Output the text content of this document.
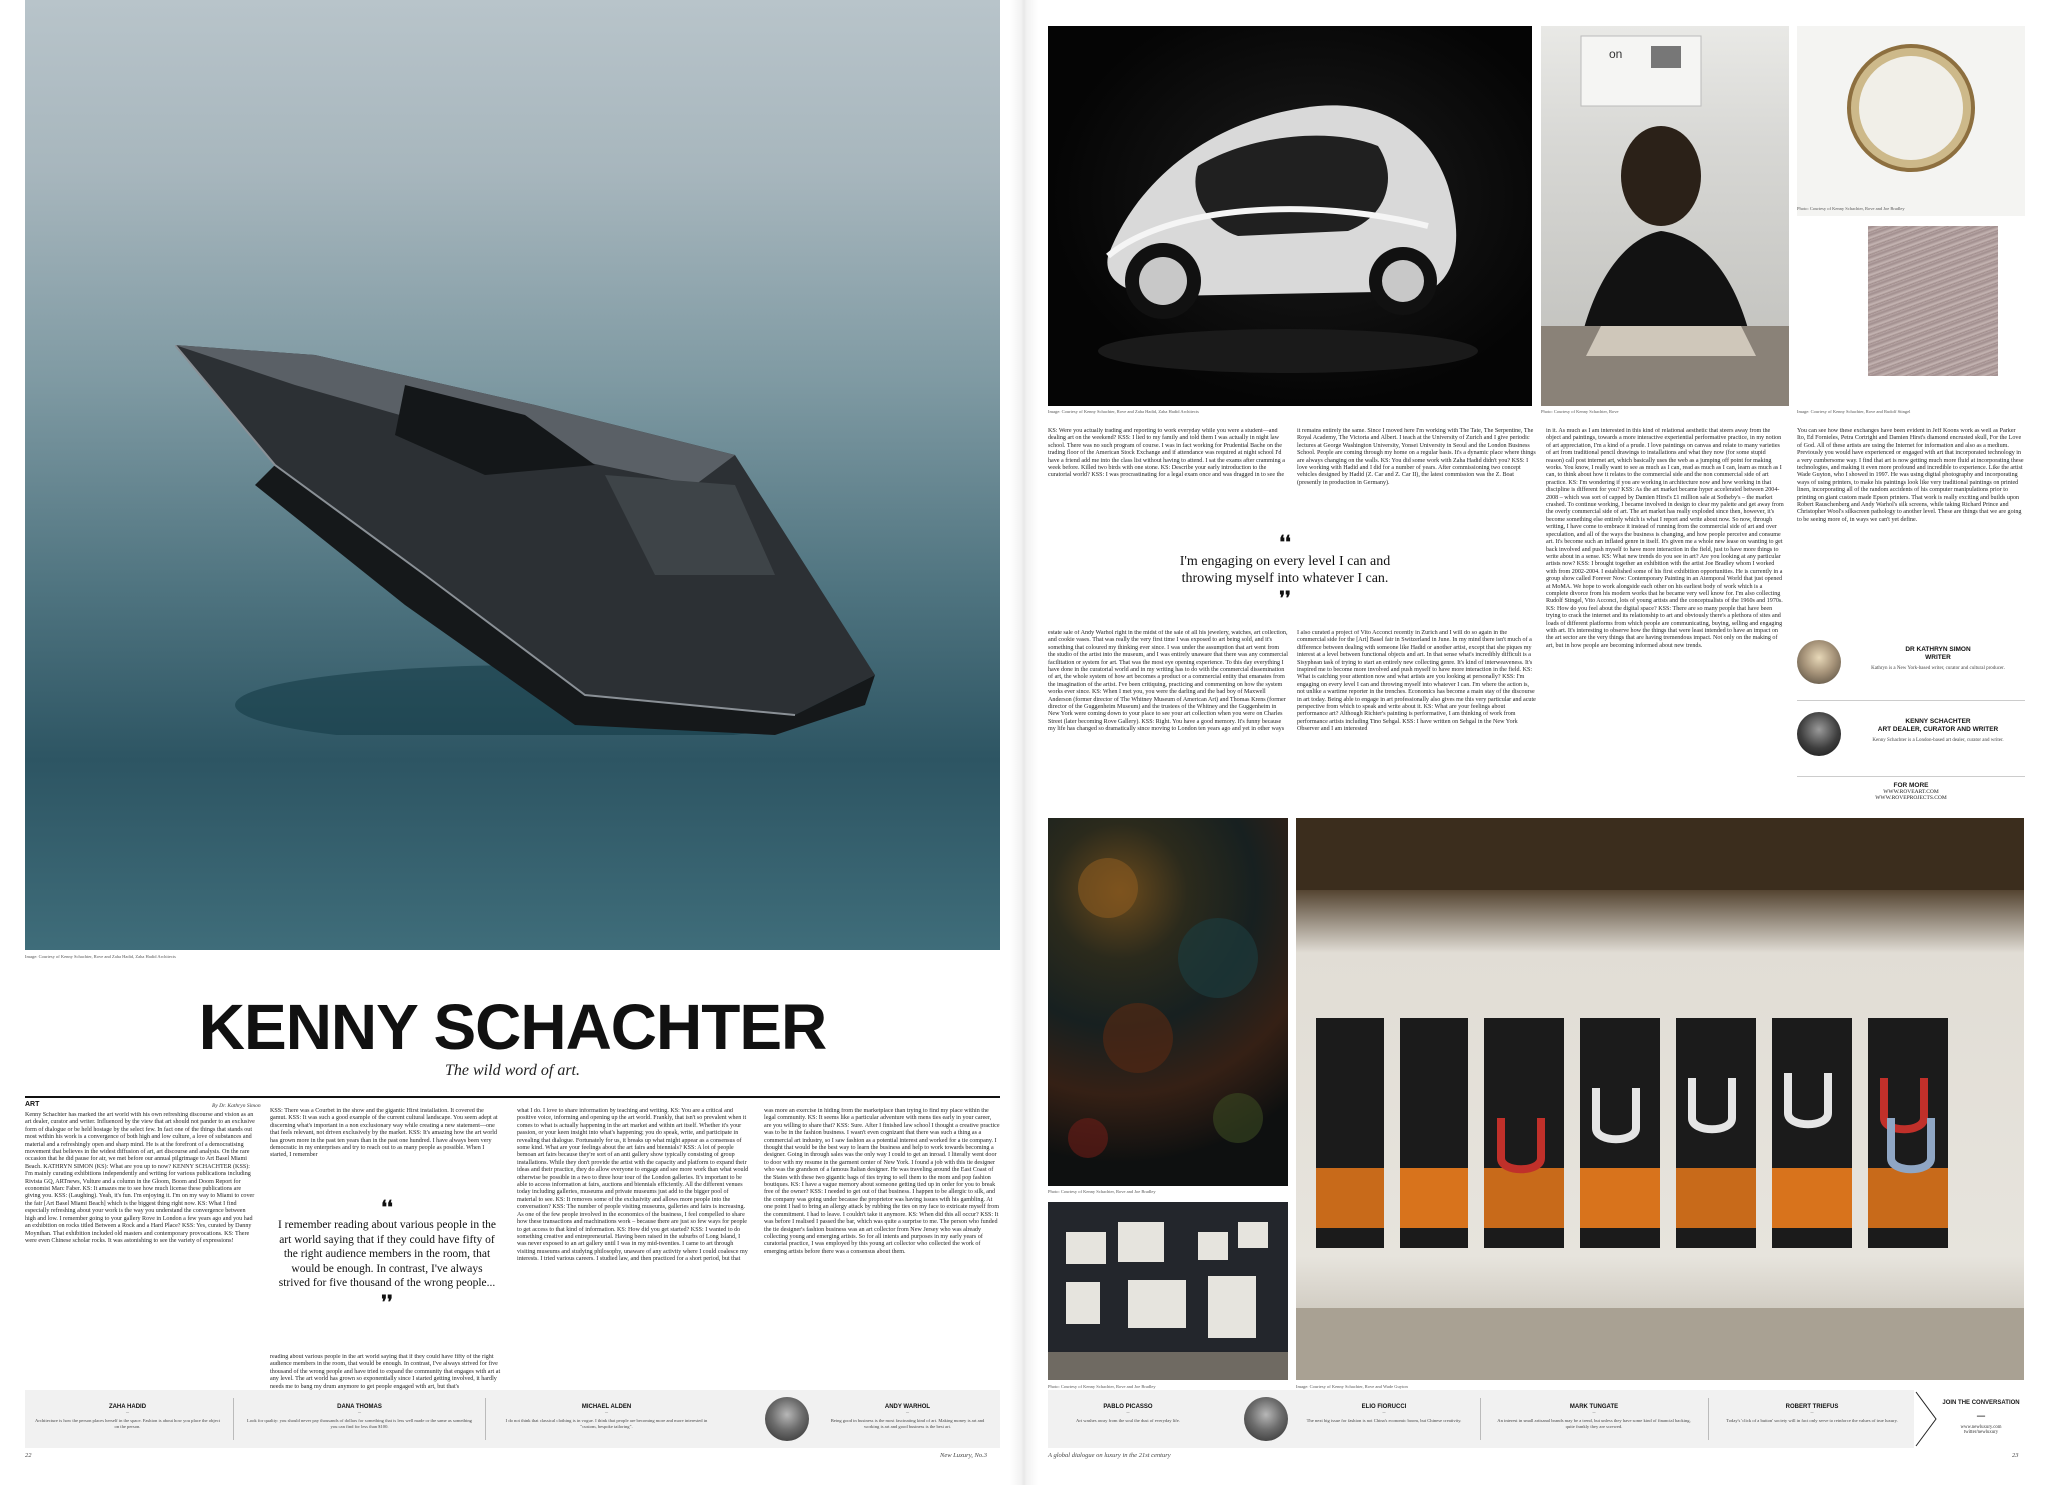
Image: Courtesy of Kenny Schachter, Rove and Zaha Hadid, Zaha Hadid Architects
KENNY SCHACHTER
The wild word of art.
ART	By Dr. Kathryn Simon
Kenny Schachter has marked the art world with his own refreshing discourse and vision as an art dealer, curator and writer. Influenced by the view that art should not pander to an exclusive form of dialogue or be held hostage by the select few. In fact one of the things that stands out most within his work is a convergence of both high and low culture, a love of substances and material and a refreshingly open and sharp mind. He is at the forefront of a democratising movement that believes in the widest diffusion of art, art discourse and analysis. On the rare occasion that he did pause for air, we met before our annual pilgrimage to Art Basel Miami Beach. KATHRYN SIMON (KS): What are you up to now? KENNY SCHACHTER (KSS): I'm mainly curating exhibitions independently and writing for various publications including Rivista GQ, ARTnews, Vulture and a column in the Gloom, Boom and Doom Report for economist Marc Faber. KS: It amazes me to see how much license these publications are giving you. KSS: (Laughing). Yeah, it's fun. I'm enjoying it. I'm on my way to Miami to cover the fair [Art Basel Miami Beach] which is the biggest thing right now. KS: What I find especially refreshing about your work is the way you understand the convergence between high and low. I remember going to your gallery Rove in London a few years ago and you had an exhibition on rocks titled Between a Rock and a Hard Place? KSS: Yes, curated by Danny Moynihan. That exhibition included old masters and contemporary provocations. KS: There were even Chinese scholar rocks. It was astonishing to see the variety of expressions!
KSS: There was a Courbet in the show and the gigantic Hirst installation. It covered the gamut. KSS: It was such a good example of the current cultural landscape. You seem adept at discerning what's important in a non exclusionary way while creating a new statement—one that feels relevant, not driven exclusively by the market. KSS: It's amazing how the art world has grown more in the past ten years than in the past one hundred. I have always been very democratic in my enterprises and try to reach out to as many people as possible. When I started, I remember
❛❛
I remember reading about various people in the art world saying that if they could have fifty of the right audience members in the room, that would be enough. In contrast, I've always strived for five thousand of the wrong people...
❜❜
reading about various people in the art world saying that if they could have fifty of the right audience members in the room, that would be enough. In contrast, I've always strived for five thousand of the wrong people and have tried to expand the community that engages with art at any level. The art world has grown so exponentially since I started getting involved, it hardly needs me to bang my drum anymore to get people engaged with art, but that's
what I do. I love to share information by teaching and writing. KS: You are a critical and positive voice, informing and opening up the art world. Frankly, that isn't so prevalent when it comes to what is actually happening in the art market and within art itself. Whether it's your passion, or your keen insight into what's happening; you do speak, write, and participate in revealing that dialogue. Fortunately for us, it breaks up what might appear as a consensus of some kind. What are your feelings about the art fairs and biennials? KSS: A lot of people bemoan art fairs because they're sort of an anti gallery show typically consisting of group installations. While they don't provide the artist with the capacity and platform to expand their ideas and their practice, they do allow everyone to engage and see more work than what would otherwise be possible in a two to three hour tour of the London galleries. It's important to be able to access information at fairs, auctions and biennials efficiently. All the different venues today including galleries, museums and private museums just add to the bigger pool of material to see. KS: It removes some of the exclusivity and allows more people into the conversation? KSS: The number of people visiting museums, galleries and fairs is increasing. As one of the few people involved in the economics of the business, I feel compelled to share how these transactions and machinations work – because there are just so few ways for people to get access to that kind of information. KS: How did you get started? KSS: I wanted to do something creative and entrepreneurial. Having been raised in the suburbs of Long Island, I was never exposed to an art gallery until I was in my mid-twenties. I came to art through visiting museums and studying philosophy, unaware of any activity where I could coalesce my interests. I tried various careers. I studied law, and then practiced for a short period, but that
was more an exercise in hiding from the marketplace than trying to find my place within the legal community. KS: It seems like a particular adventure with mens ties early in your career, are you willing to share that? KSS: Sure. After I finished law school I thought a creative practice was to be in the fashion business. I wasn't even cognizant that there was such a thing as a commercial art industry, so I saw fashion as a potential interest and worked for a tie company. I thought that would be the best way to learn the business and help to work towards becoming a designer. Going in through sales was the only way I could to get an inroad. I literally went door to door with my resume in the garment center of New York. I found a job with this tie designer who was the grandson of a famous Italian designer. He was traveling around the East Coast of the States with these two gigantic bags of ties trying to sell them to the mom and pop fashion boutiques. KS: I have a vague memory about someone getting tied up in order for you to break free of the owner? KSS: I needed to get out of that business. I happen to be allergic to silk, and the company was going under because the proprietor was having issues with his gambling. At one point I had to bring an allergy attack by rubbing the ties on my face to extricate myself from the commitment. I had to leave. I couldn't take it anymore. KS: When did this all occur? KSS: It was before I realised I passed the bar, which was quite a surprise to me. The person who funded the tie designer's fashion business was an art collector from New Jersey who was already collecting young and emerging artists. So for all intents and purposes in my early years of curatorial practice, I was employed by this young art collector who collected the work of emerging artists before there was a consensus about them.
ZAHA HADID
–
Architecture is how the person places herself in the space. Fashion is about how you place the object on the person.
DANA THOMAS
–
Look for quality: you should never pay thousands of dollars for something that is less well made or the same as something you can find for less than $100.
MICHAEL ALDEN
–
I do not think that classical clothing is in vogue. I think that people are becoming more and more interested in "custom, bespoke tailoring".
ANDY WARHOL
–
Being good in business is the most fascinating kind of art. Making money is art and working is art and good business is the best art.
22	New Luxury, No.3
Image: Courtesy of Kenny Schachter, Rove and Zaha Hadid, Zaha Hadid Architects
on
Photo: Courtesy of Kenny Schachter, Rove
Photo: Courtesy of Kenny Schachter, Rove and Joe Bradley
Image: Courtesy of Kenny Schachter, Rove and Rudolf Stingel
KS: Were you actually trading and reporting to work everyday while you were a student—and dealing art on the weekend? KSS: I lied to my family and told them I was actually in night law school. There was no such program of course. I was in fact working for Prudential Bache on the trading floor of the American Stock Exchange and if attendance was required at night school I'd have a friend add me into the class list without having to attend. I sat the exams after cramming a week before. Killed two birds with one stone. KS: Describe your early introduction to the curatorial world? KSS: I was procrastinating for a legal exam once and was dragged in to see the
it remains entirely the same. Since I moved here I'm working with The Tate, The Serpentine, The Royal Academy, The Victoria and Albert. I teach at the University of Zurich and I give periodic lectures at George Washington University, Yonsei University in Seoul and the London Business School. People are coming through my home on a regular basis. It's a dynamic place where things are always changing on the walls. KS: You did some work with Zaha Hadid didn't you? KSS: I love working with Hadid and I did for a number of years. After commissioning two concept vehicles designed by Hadid (Z. Car and Z. Car II), the latest commission was the Z. Boat (presently in production in Germany).
❛❛
I'm engaging on every level I can and throwing myself into whatever I can.
❜❜
estate sale of Andy Warhol right in the midst of the sale of all his jewelery, watches, art collection, and cookie vases. That was really the very first time I was exposed to art being sold, and it's something that coloured my thinking ever since. I was under the assumption that art went from the studio of the artist into the museum, and I was entirely unaware that there was any commercial facilitation or system for art. That was the most eye opening experience. To this day everything I have done in the curatorial world and in my writing has to do with the commercial dissemination of art, the whole system of how art becomes a product or a commercial entity that emanates from the imagination of the artist. I've been critiquing, practicing and commenting on how the system works ever since. KS: When I met you, you were the darling and the bad boy of Maxwell Anderson (former director of The Whitney Museum of American Art) and Thomas Krens (former director of the Guggenheim Museum) and the trustees of the Whitney and the Guggenheim in New York were coming down to your place to see your art collection when you were on Charles Street (later becoming Rove Gallery). KSS: Right. You have a good memory. It's funny because my life has changed so dramatically since moving to London ten years ago and yet in other ways
I also curated a project of Vito Acconci recently in Zurich and I will do so again in the commercial side for the [Art] Basel fair in Switzerland in June. In my mind there isn't much of a difference between dealing with someone like Hadid or another artist, except that she piques my interest at a level between functional objects and art. In that sense what's incredibly difficult is a Sisyphean task of trying to start an entirely new collecting genre. It's kind of interweaveness. It's inspired me to become more involved and push myself to have more interaction in the field. KS: What is catching your attention now and what artists are you looking at personally? KSS: I'm engaging on every level I can and throwing myself into whatever I can. I'm where the action is, not unlike a wartime reporter in the trenches. Economics has become a main stay of the discourse in art today. Being able to engage in art professionally also gives me this very particular and acute perspective from which to speak and write about it. KS: What are your feelings about performance art? Although Richter's painting is performative, I am thinking of work from performance artists including Tino Sehgal. KSS: I have written on Sehgal in the New York Observer and I am interested
in it. As much as I am interested in this kind of relational aesthetic that steers away from the object and paintings, towards a more interactive experiential performative practice, in my notion of art appreciation, I'm a kind of a prude. I love paintings on canvas and relate to many varieties of art from traditional pencil drawings to installations and what they now (for some stupid reason) call post internet art, which basically uses the web as a jumping off point for making works. You know, I really want to see as much as I can, read as much as I can, learn as much as I can, to think about how it relates to the commercial side and the non commercial side of art practice. KS: I'm wondering if you are working in architecture now and how working in that discipline is different for you? KSS: As the art market became hyper accelerated between 2004-2008 – which was sort of capped by Damien Hirst's £1 million sale at Sotheby's – the market crashed. To continue working, I became involved in design to clear my palette and get away from the overly commercial side of art. The art market has really exploded since then, however, it's become something else entirely which is what I report and write about now. So now, through writing, I have come to embrace it instead of running from the commercial side of art and over speculation, and all of the ways the business is changing, and how people perceive and consume art. It's become such an inflated genre in itself. It's given me a whole new lease on wanting to get back involved and push myself to have more interaction in the field, just to have more things to write about in a sense. KS: What new trends do you see in art? Are you looking at any particular artists now? KSS: I brought together an exhibition with the artist Joe Bradley whom I worked with from 2002-2004. I established some of his first exhibition opportunities. He is currently in a group show called Forever Now: Contemporary Painting in an Atemporal World that just opened at MoMA. We hope to work alongside each other on his earliest body of work which is a complete divorce from his modern works that he became very well know for. I'm also collecting Rudolf Stingel, Vito Acconci, lots of young artists and the conceptualists of the 1960s and 1970s. KS: How do you feel about the digital space? KSS: There are so many people that have been trying to crack the internet and its relationship to art and obviously there's a plethora of sites and loads of different platforms from which people are communicating, buying, selling and engaging with art. It's interesting to observe how the things that were least intended to have an impact on the art sector are the very things that are having tremendous impact. Not only on the making of art, but in how people are becoming informed about new trends.
You can see how these exchanges have been evident in Jeff Koons work as well as Parker Ito, Ed Fornieles, Petra Cortright and Damien Hirst's diamond encrusted skull, For the Love of God. All of these artists are using the Internet for information and also as a medium. Previously you would have experienced or engaged with art that incorporated technology in a very cumbersome way. I find that art is now getting much more fluid at incorporating these technologies, and making it even more profound and incredible to experience. Like the artist Wade Guyton, who I showed in 1997. He was using digital photography and incorporating ways of using printers, to make his paintings look like very traditional paintings on printed linen, incorporating all of the random accidents of his computer manipulations prior to printing on giant custom made Epson printers. That work is really exciting and builds upon Robert Rauschenberg and Andy Warhol's silk screens, while taking Richard Prince and Christopher Wool's silkscreen pathology to another level. These are things that we are going to be seeing more of, in ways we can't yet define.
DR KATHRYN SIMON
WRITER
Kathryn is a New York-based writer, curator and cultural producer.
KENNY SCHACHTER
ART DEALER, CURATOR AND WRITER
Kenny Schachter is a London-based art dealer, curator and writer.
FOR MORE
WWW.ROVEART.COM
WWW.ROVEPROJECTS.COM
Photo: Courtesy of Kenny Schachter, Rove and Joe Bradley
Photo: Courtesy of Kenny Schachter, Rove and Joe Bradley	Image: Courtesy of Kenny Schachter, Rove and Wade Guyton
PABLO PICASSO
–
Art washes away from the soul the dust of everyday life.
ELIO FIORUCCI
–
The next big issue for fashion is not China's economic boom, but Chinese creativity.
MARK TUNGATE
–
An interest in small artisanal brands may be a trend, but unless they have some kind of financial backing, quite frankly they are screwed.
ROBERT TRIEFUS
–
Today's 'click of a button' society will in fact only serve to reinforce the values of true luxury.
JOIN THE CONVERSATION
–
www.newluxury.com
twitter/newluxury
A global dialogue on luxury in the 21st century	23
